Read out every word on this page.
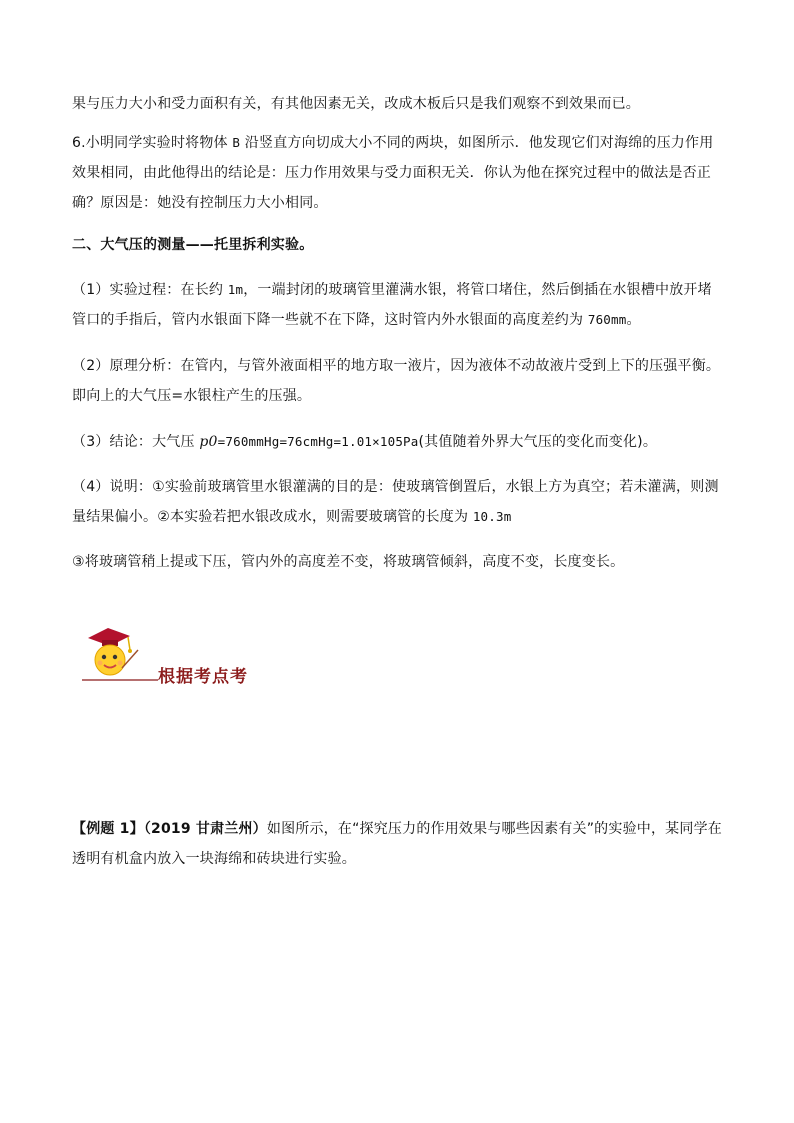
果与压力大小和受力面积有关，有其他因素无关，改成木板后只是我们观察不到效果而已。

6.小明同学实验时将物体 B 沿竖直方向切成大小不同的两块，如图所示．他发现它们对海绵的压力作用效果相同，由此他得出的结论是：压力作用效果与受力面积无关．你认为他在探究过程中的做法是否正确？原因是：她没有控制压力大小相同。

二、大气压的测量——托里拆利实验。

（1）实验过程：在长约 1m，一端封闭的玻璃管里灌满水银，将管口堵住，然后倒插在水银槽中放开堵管口的手指后，管内水银面下降一些就不在下降，这时管内外水银面的高度差约为 760mm。

（2）原理分析：在管内，与管外液面相平的地方取一液片，因为液体不动故液片受到上下的压强平衡。即向上的大气压=水银柱产生的压强。

（3）结论：大气压 p0=760mmHg=76cmHg=1.01×105Pa(其值随着外界大气压的变化而变化)。

（4）说明：①实验前玻璃管里水银灌满的目的是：使玻璃管倒置后，水银上方为真空；若未灌满，则测量结果偏小。②本实验若把水银改成水，则需要玻璃管的长度为 10.3m

③将玻璃管稍上提或下压，管内外的高度差不变，将玻璃管倾斜，高度不变，长度变长。

根据考点考

【例题 1】（2019 甘肃兰州）如图所示，在“探究压力的作用效果与哪些因素有关”的实验中，某同学在透明有机盒内放入一块海绵和砖块进行实验。
